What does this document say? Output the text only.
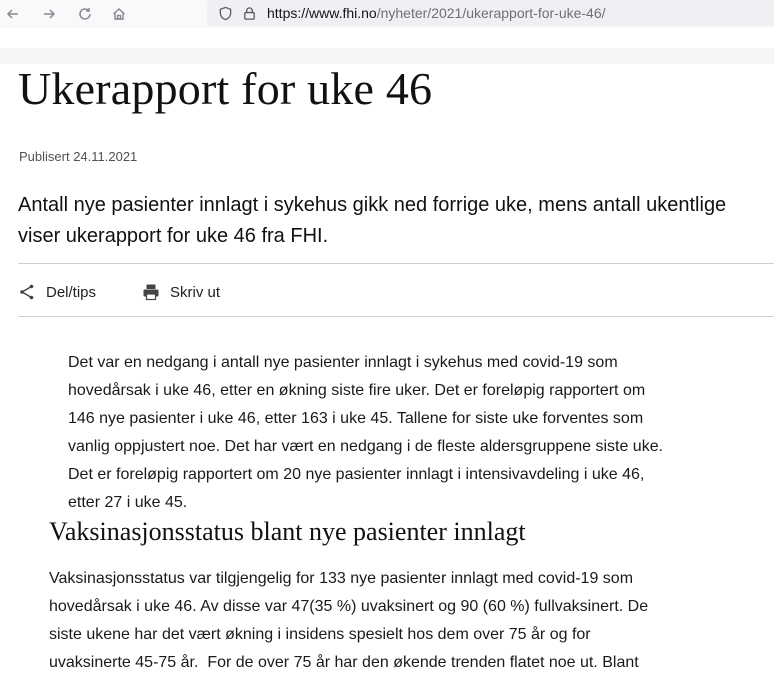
https://www.fhi.no/nyheter/2021/ukerapport-for-uke-46/
Ukerapport for uke 46
Publisert 24.11.2021

Antall nye pasienter innlagt i sykehus gikk ned forrige uke, mens antall ukentlige
viser ukerapport for uke 46 fra FHI.

Del/tips	Skriv ut

Det var en nedgang i antall nye pasienter innlagt i sykehus med covid-19 som
hovedårsak i uke 46, etter en økning siste fire uker. Det er foreløpig rapportert om
146 nye pasienter i uke 46, etter 163 i uke 45. Tallene for siste uke forventes som
vanlig oppjustert noe. Det har vært en nedgang i de fleste aldersgruppene siste uke.
Det er foreløpig rapportert om 20 nye pasienter innlagt i intensivavdeling i uke 46,
etter 27 i uke 45.

Vaksinasjonsstatus blant nye pasienter innlagt

Vaksinasjonsstatus var tilgjengelig for 133 nye pasienter innlagt med covid-19 som
hovedårsak i uke 46. Av disse var 47(35 %) uvaksinert og 90 (60 %) fullvaksinert. De
siste ukene har det vært økning i insidens spesielt hos dem over 75 år og for
uvaksinerte 45-75 år.  For de over 75 år har den økende trenden flatet noe ut. Blant
